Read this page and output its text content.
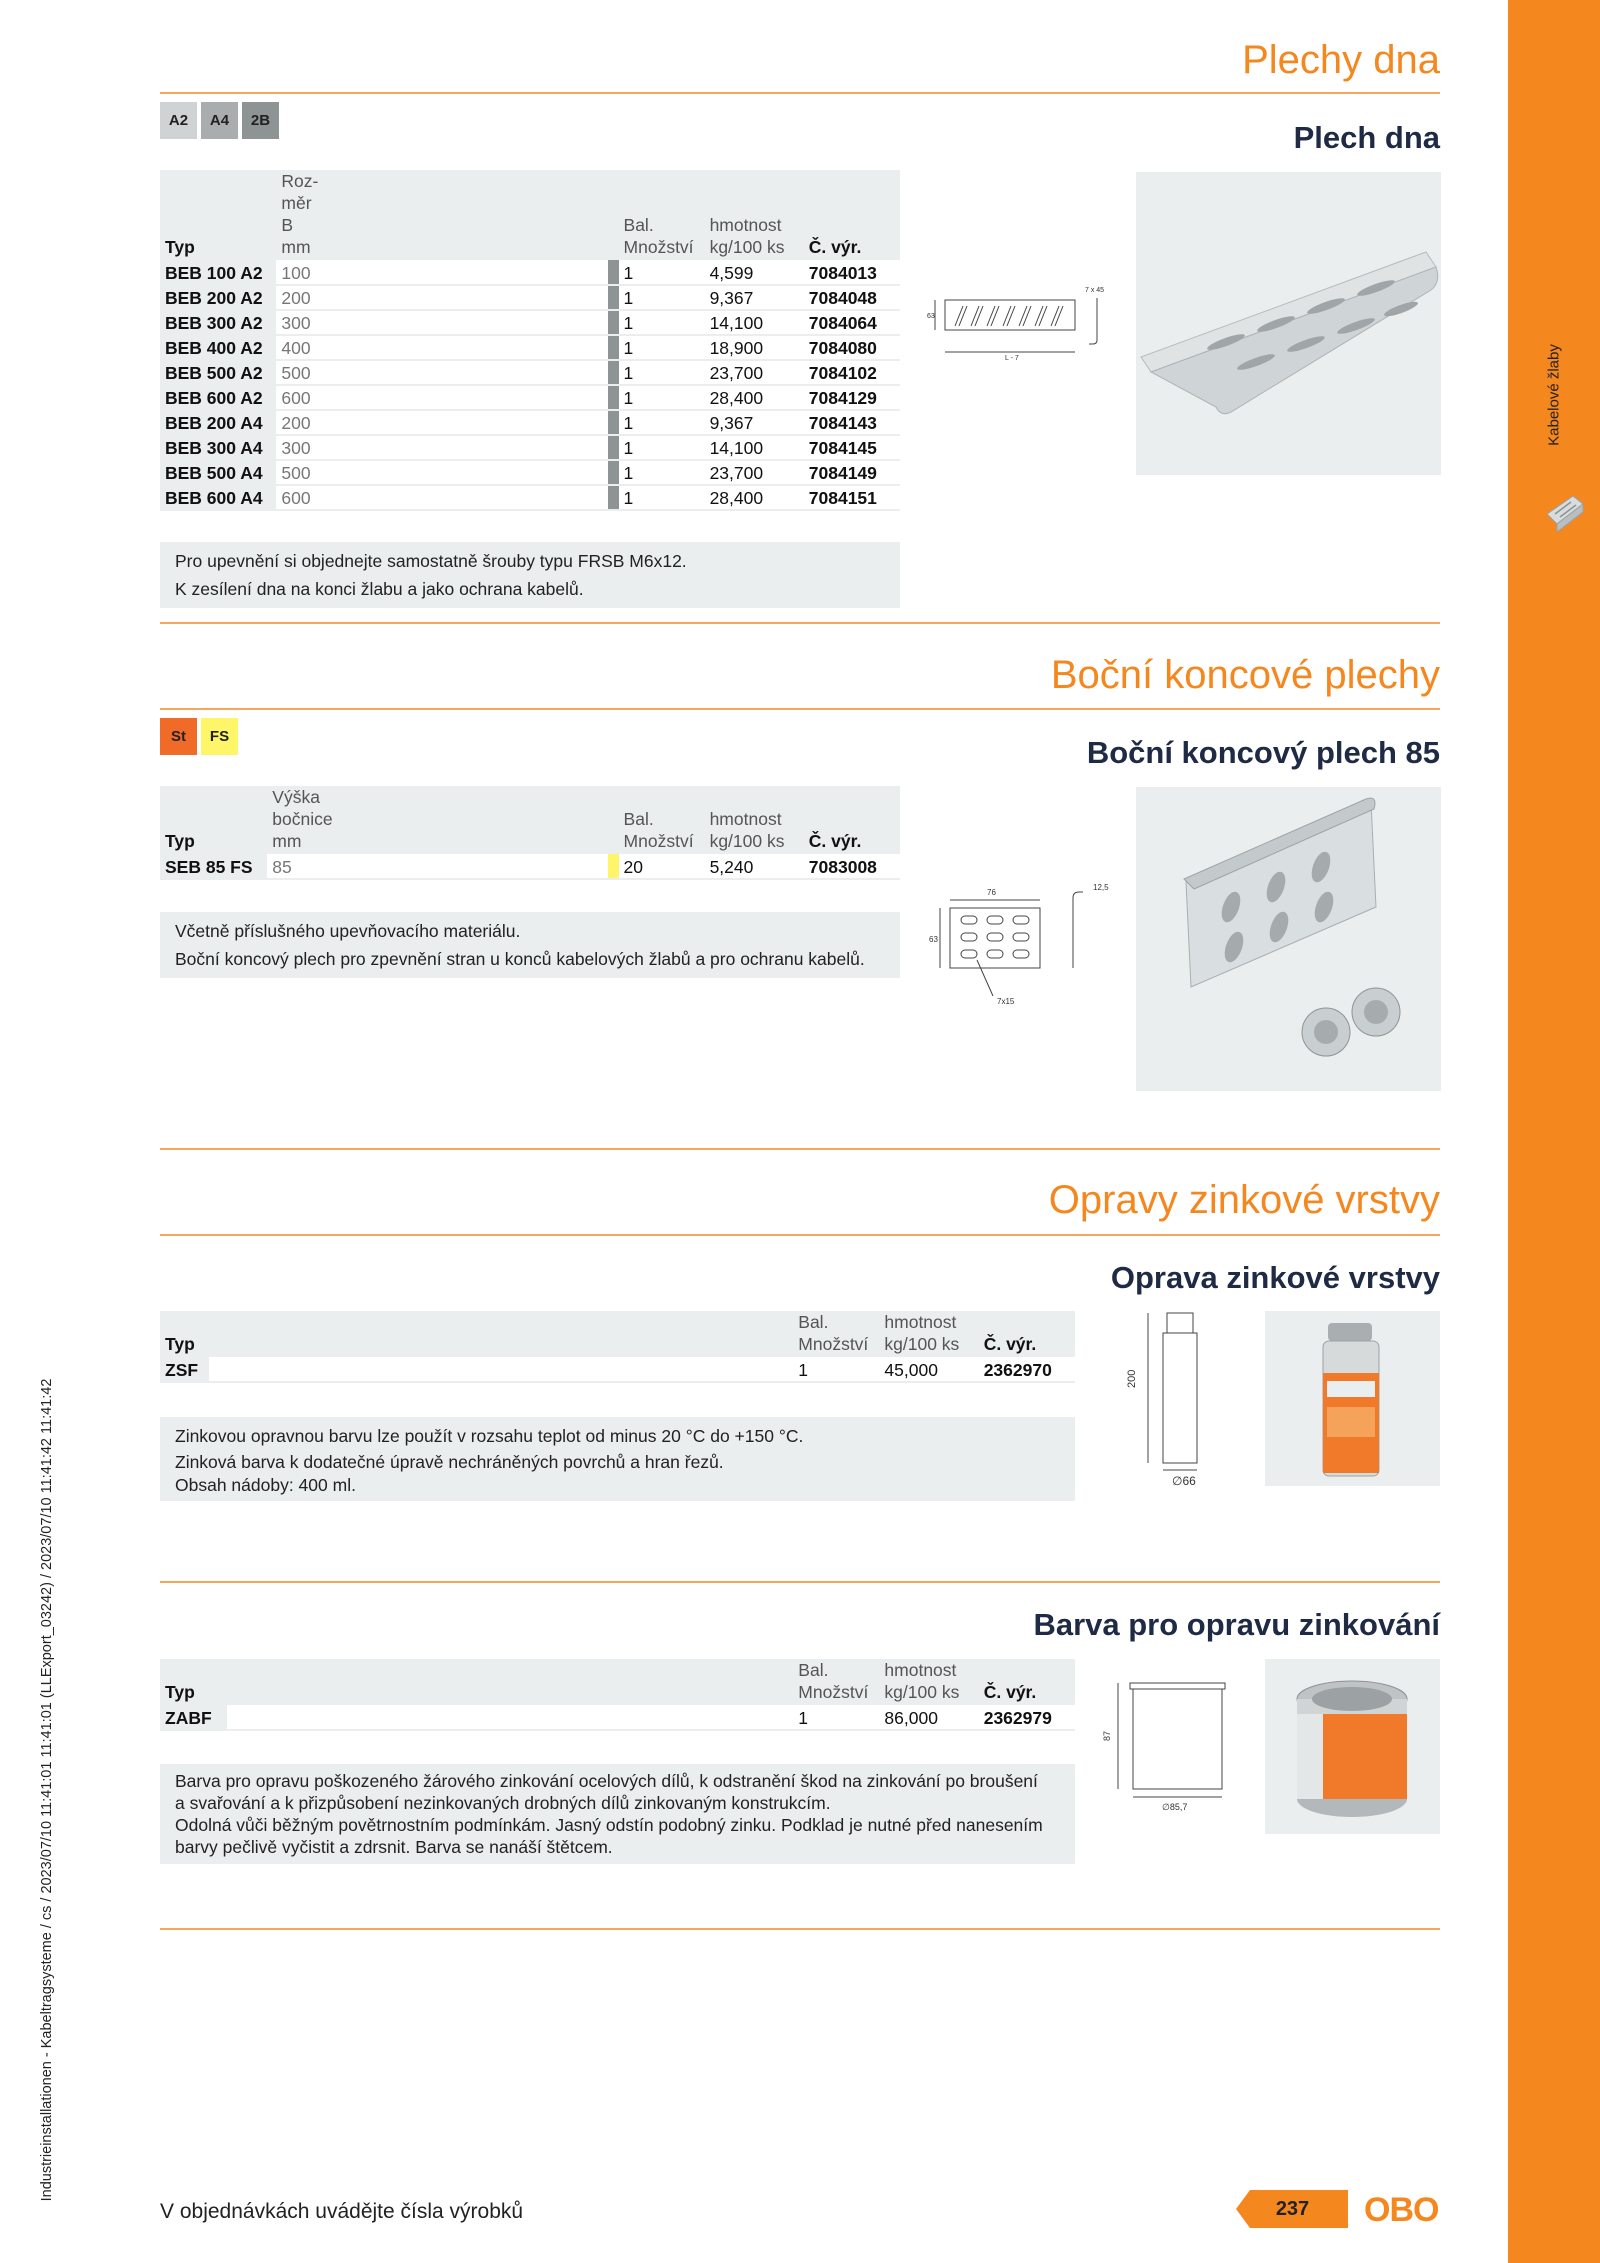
Kabelové žlaby
Industrieinstallationen - Kabeltragsysteme / cs / 2023/07/10 11:41:01 11:41:01 (LLExport_03242) / 2023/07/10 11:41:42 11:41:42
Plechy dna
A2	A4	2B	Plech dna
Typ	Roz-
měr
B
mm			Bal.
Množství	hmotnost
kg/100 ks	Č. výr.
BEB 100 A2	100			1	4,599	7084013
BEB 200 A2	200			1	9,367	7084048
BEB 300 A2	300			1	14,100	7084064
BEB 400 A2	400			1	18,900	7084080
BEB 500 A2	500			1	23,700	7084102
BEB 600 A2	600			1	28,400	7084129
BEB 200 A4	200			1	9,367	7084143
BEB 300 A4	300			1	14,100	7084145
BEB 500 A4	500			1	23,700	7084149
BEB 600 A4	600			1	28,400	7084151

Pro upevnění si objednejte samostatně šrouby typu FRSB M6x12.

K zesílení dna na konci žlabu a jako ochrana kabelů.

7 x 45
63
L - 7
Boční koncové plechy
St	FS	Boční koncový plech 85
Typ	Výška
bočnice
mm			Bal.
Množství	hmotnost
kg/100 ks	Č. výr.
SEB 85 FS	85			20	5,240	7083008

Včetně příslušného upevňovacího materiálu.

Boční koncový plech pro zpevnění stran u konců kabelových žlabů a pro ochranu kabelů.

76
12,5
63
7x15
Opravy zinkové vrstvy
Oprava zinkové vrstvy
Typ		Bal.
Množství	hmotnost
kg/100 ks	Č. výr.
ZSF		1	45,000	2362970

Zinkovou opravnou barvu lze použít v rozsahu teplot od minus 20 °C do +150 °C.

Zinková barva k dodatečné úpravě nechráněných povrchů a hran řezů.

Obsah nádoby: 400 ml.

200
∅66
Barva pro opravu zinkování
Typ		Bal.
Množství	hmotnost
kg/100 ks	Č. výr.
ZABF		1	86,000	2362979

Barva pro opravu poškozeného žárového zinkování ocelových dílů, k odstranění škod na zinkování po broušení

a svařování a k přizpůsobení nezinkovaných drobných dílů zinkovaným konstrukcím.

Odolná vůči běžným povětrnostním podmínkám. Jasný odstín podobný zinku. Podklad je nutné před nanesením

barvy pečlivě vyčistit a zdrsnit. Barva se nanáší štětcem.

87
∅85,7
V objednávkách uvádějte čísla výrobků	237	OBO
